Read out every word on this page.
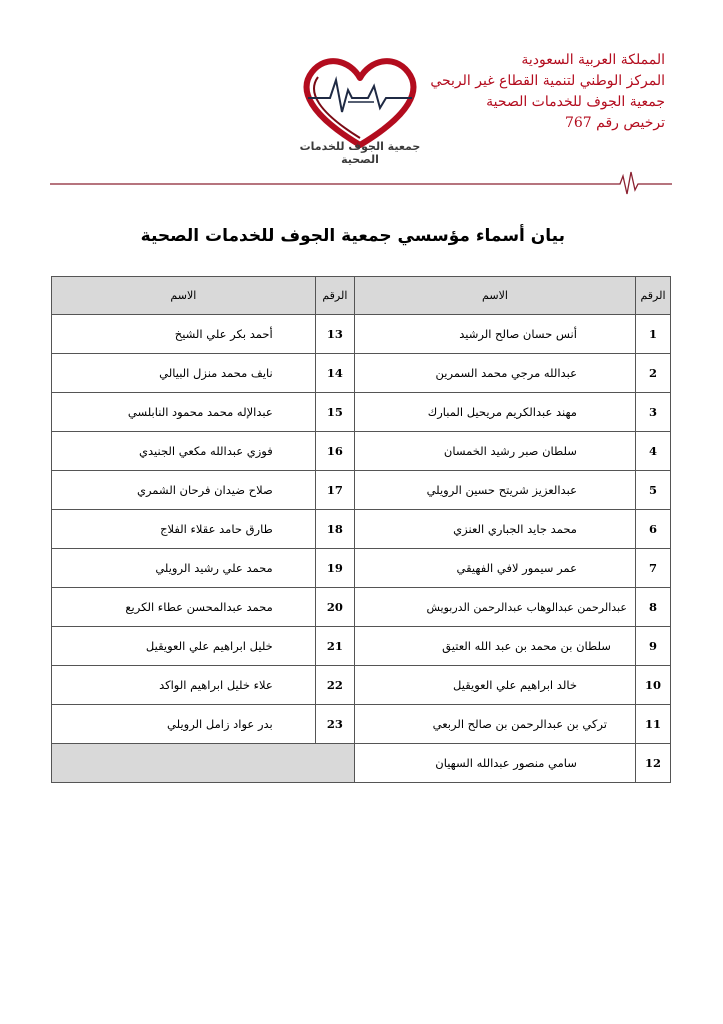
المملكة العربية السعودية
المركز الوطني لتنمية القطاع غير الربحي
جمعية الجوف للخدمات الصحية
ترخيص رقم 767
جمعية الجوف للخدمات الصحية
بيان أسماء مؤسسي جمعية الجوف للخدمات الصحية
الرقم	الاسم	الرقم	الاسم
1	أنس حسان صالح الرشيد	13	أحمد بكر علي الشيخ
2	عبدالله مرجي محمد السمرين	14	نايف محمد منزل البيالي
3	مهند عبدالكريم مريحيل المبارك	15	عبدالإله محمد محمود النابلسي
4	سلطان صبر رشيد الخمسان	16	فوزي عبدالله مكعي الجنيدي
5	عبدالعزيز شريتح حسين الرويلي	17	صلاح ضيدان فرحان الشمري
6	محمد جايد الجباري العنزي	18	طارق حامد عقلاء الفلاج
7	عمر سيمور لافي الفهيقي	19	محمد علي رشيد الرويلي
8	عبدالرحمن عبدالوهاب عبدالرحمن الدربويش	20	محمد عبدالمحسن عطاء الكريع
9	سلطان بن محمد بن عبد الله العتيق	21	خليل ابراهيم علي العويقيل
10	خالد ابراهيم علي العويقيل	22	علاء خليل ابراهيم الواكد
11	تركي بن عبدالرحمن بن صالح الربعي	23	بدر عواد زامل الرويلي
12	سامي منصور عبدالله السهيان		
